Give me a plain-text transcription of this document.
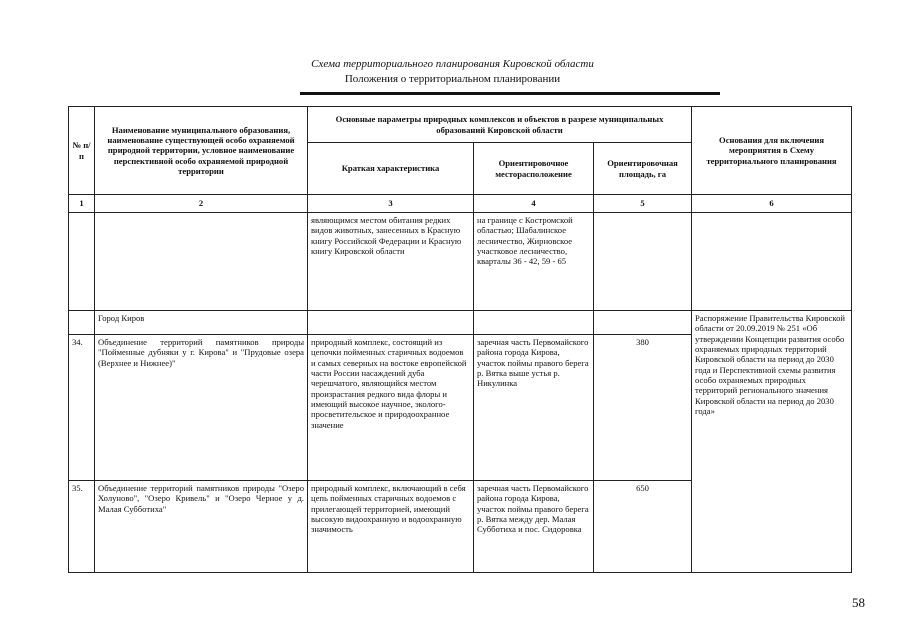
Схема территориального планирования Кировской области
Положения о территориальном планировании
№ п/п	Наименование муниципального образования, наименование существующей особо охраняемой природной территории, условное наименование перспективной особо охраняемой природной территории	Основные параметры природных комплексов и объектов в разрезе муниципальных образований Кировской области			Основания для включения мероприятия в Схему территориального планирования
		Краткая характеристика	Ориентировочное месторасположение	Ориентировочная площадь, га	
1	2	3	4	5	6
		являющимся местом обитания редких видов животных, занесенных в Красную книгу Российской Федерации и Красную книгу Кировской области	на границе с Костромской областью; Шабалинское лесничество, Жирновское участковое лесничество, кварталы 36 - 42, 59 - 65		
	Город Киров				Распоряжение Правительства Кировской области от 20.09.2019 № 251 «Об утверждении Концепции развития особо охраняемых природных территорий Кировской области на период до 2030 года и Перспективной схемы развития особо охраняемых природных территорий регионального значения Кировской области на период до 2030 года»
34.	Объединение территорий памятников природы "Пойменные дубняки у г. Кирова" и "Прудовые озера (Верхнее и Нижнее)"	природный комплекс, состоящий из цепочки пойменных старичных водоемов и самых северных на востоке европейской части России насаждений дуба черешчатого, являющийся местом произрастания редкого вида флоры и имеющий высокое научное, эколого-просветительское и природоохранное значение	заречная часть Первомайского района города Кирова, участок поймы правого берега р. Вятка выше устья р. Никулинка	380	
35.	Объединение территорий памятников природы "Озеро Холуново", "Озеро Кривель" и "Озеро Черное у д. Малая Субботиха"	природный комплекс, включающий в себя цепь пойменных старичных водоемов с прилегающей территорией, имеющий высокую видоохранную и водоохранную значимость	заречная часть Первомайского района города Кирова, участок поймы правого берега р. Вятка между дер. Малая Субботиха и пос. Сидоровка	650	
58
